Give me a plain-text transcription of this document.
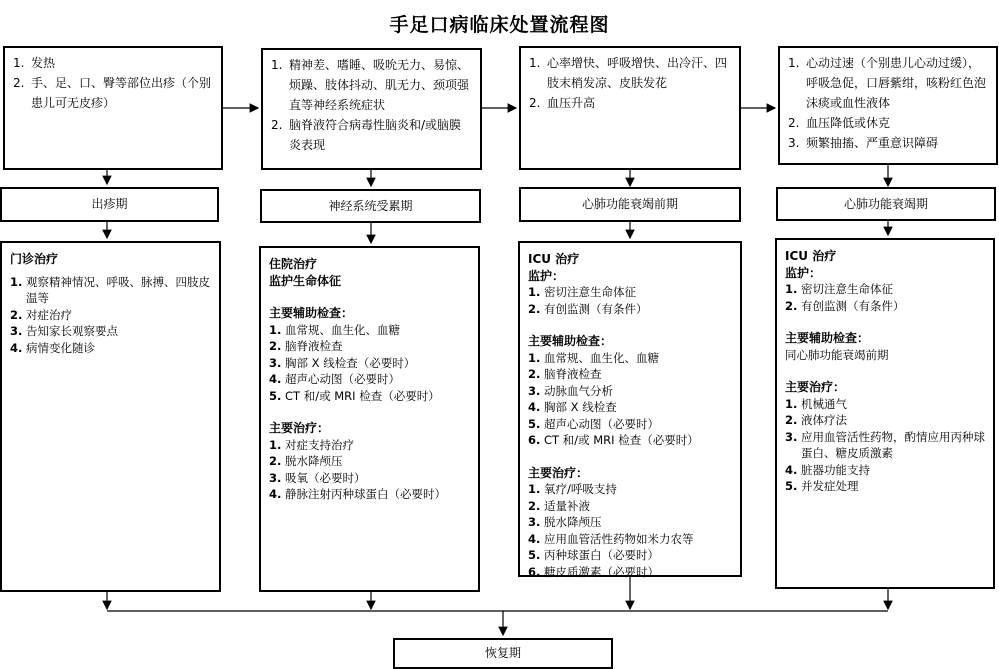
手足口病临床处置流程图
1. 发热
2. 手、足、口、臀等部位出疹（个别患儿可无皮疹）
1. 精神差、嗜睡、吸吮无力、易惊、烦躁、肢体抖动、肌无力、颈项强直等神经系统症状
2. 脑脊液符合病毒性脑炎和/或脑膜炎表现
1. 心率增快、呼吸增快、出冷汗、四肢末梢发凉、皮肤发花
2. 血压升高
1. 心动过速（个别患儿心动过缓），呼吸急促，口唇紫绀，咳粉红色泡沫痰或血性液体
2. 血压降低或休克
3. 频繁抽搐、严重意识障碍
出疹期	神经系统受累期	心肺功能衰竭前期	心肺功能衰竭期
门诊治疗
1. 观察精神情况、呼吸、脉搏、四肢皮温等
2. 对症治疗
3. 告知家长观察要点
4. 病情变化随诊
住院治疗
监护生命体征
主要辅助检查：
1. 血常规、血生化、血糖
2. 脑脊液检查
3. 胸部 X 线检查（必要时）
4. 超声心动图（必要时）
5. CT 和/或 MRI 检查（必要时）
主要治疗：
1. 对症支持治疗
2. 脱水降颅压
3. 吸氧（必要时）
4. 静脉注射丙种球蛋白（必要时）
ICU 治疗
监护：
1. 密切注意生命体征
2. 有创监测（有条件）
主要辅助检查：
1. 血常规、血生化、血糖
2. 脑脊液检查
3. 动脉血气分析
4. 胸部 X 线检查
5. 超声心动图（必要时）
6. CT 和/或 MRI 检查（必要时）
主要治疗：
1. 氧疗/呼吸支持
2. 适量补液
3. 脱水降颅压
4. 应用血管活性药物如米力农等
5. 丙种球蛋白（必要时）
6. 糖皮质激素（必要时）
ICU 治疗
监护：
1. 密切注意生命体征
2. 有创监测（有条件）
主要辅助检查：
同心肺功能衰竭前期
主要治疗：
1. 机械通气
2. 液体疗法
3. 应用血管活性药物，酌情应用丙种球蛋白、糖皮质激素
4. 脏器功能支持
5. 并发症处理
恢复期
